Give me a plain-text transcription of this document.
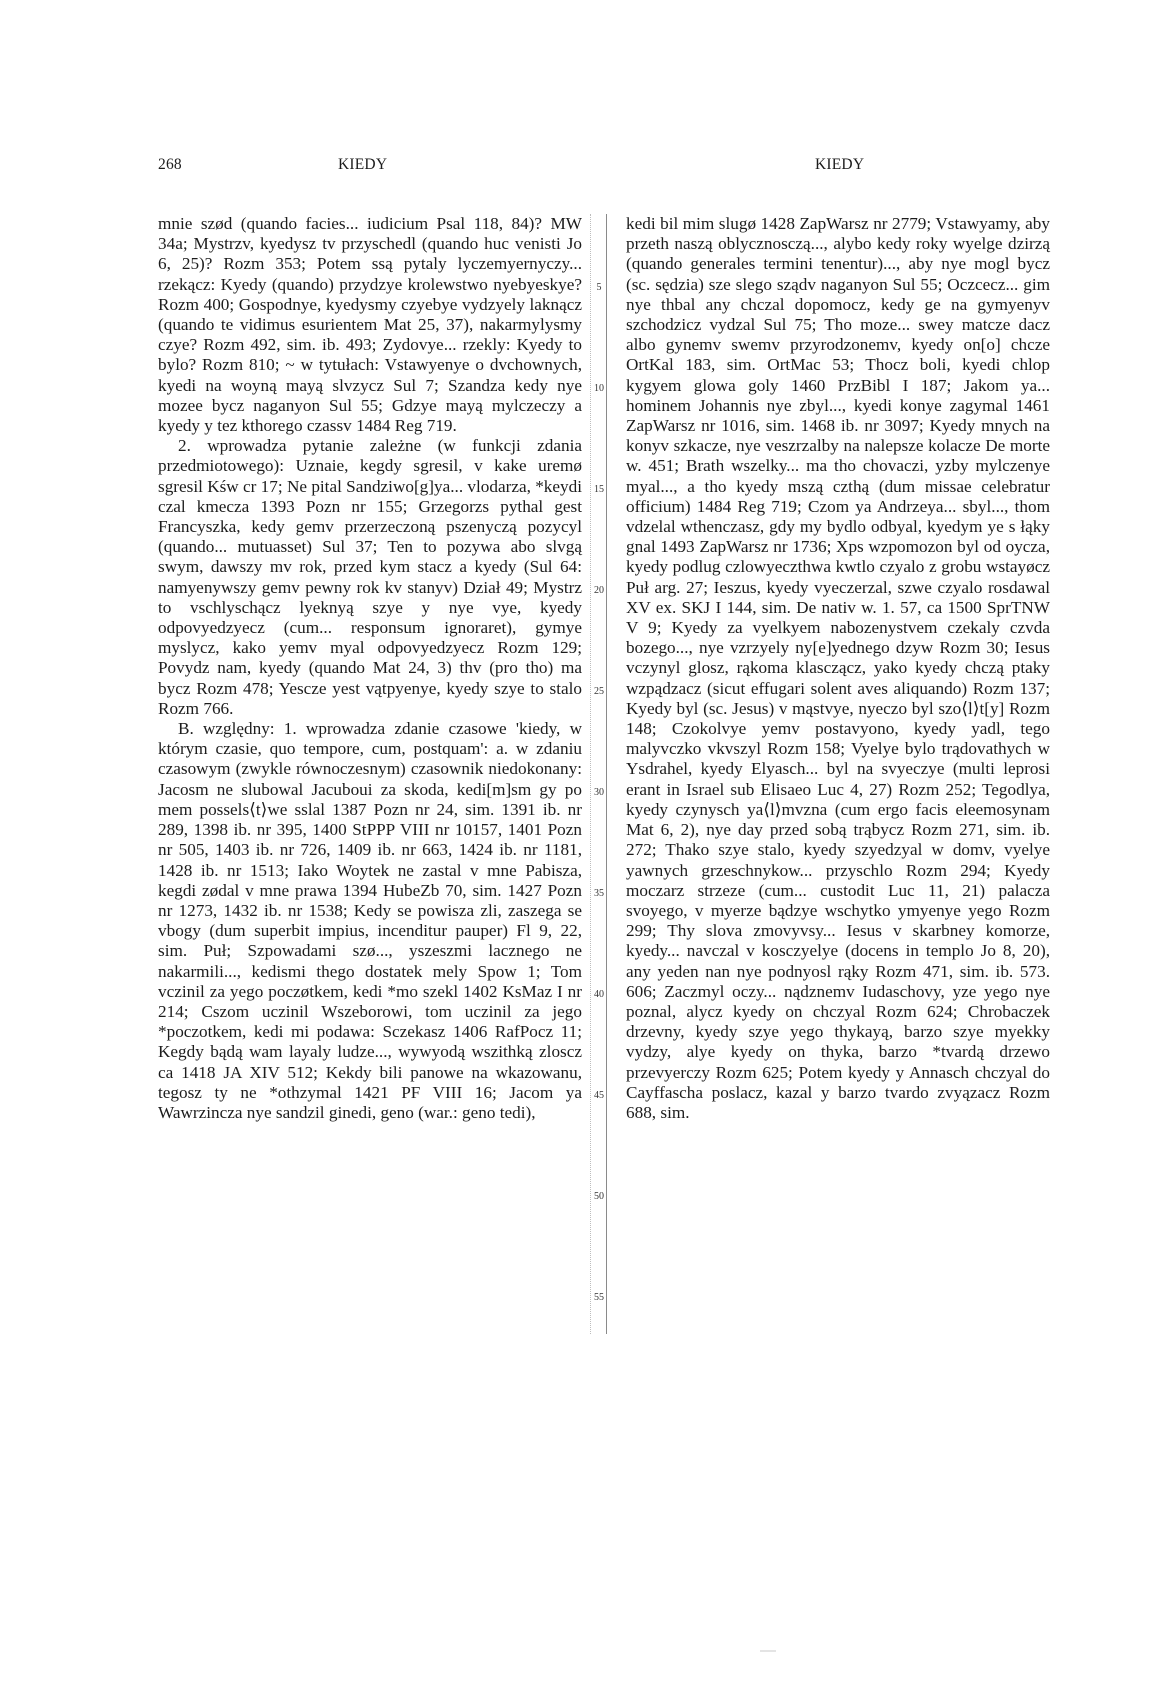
268	KIEDY	KIEDY

mnie szød (quando facies... iudicium Psal 118, 84)? MW 34a; Mystrzv, kyedysz tv przyschedl (quando huc venisti Jo 6, 25)? Rozm 353; Potem ssą pytaly lyczemyernyczy... rzekącz: Kyedy (quando) przydzye krolewstwo nyebyeskye? Rozm 400; Gospodnye, kyedysmy czyebye vydzyely laknącz (quando te vidimus esurientem Mat 25, 37), nakarmylysmy czye? Rozm 492, sim. ib. 493; Zydovye... rzekly: Kyedy to bylo? Rozm 810; ~ w tytułach: Vstawyenye o dvchownych, kyedi na woyną mayą slvzycz Sul 7; Szandza kedy nye mozee bycz naganyon Sul 55; Gdzye mayą mylczeczy a kyedy y tez kthorego czassv 1484 Reg 719.

2. wprowadza pytanie zależne (w funkcji zdania przedmiotowego): Uznaie, kegdy sgresil, v kake uremø sgresil Kśw cr 17; Ne pital Sandziwo[g]ya... vlodarza, *keydi czal kmecza 1393 Pozn nr 155; Grzegorzs pythal gest Francyszka, kedy gemv przerzeczoną pszenyczą pozycyl (quando... mutuasset) Sul 37; Ten to pozywa abo slvgą swym, dawszy mv rok, przed kym stacz a kyedy (Sul 64: namyenywszy gemv pewny rok kv stanyv) Dział 49; Mystrz to vschlyschącz lyeknyą szye y nye vye, kyedy odpovyedzyecz (cum... responsum ignoraret), gymye myslycz, kako yemv myal odpovyedzyecz Rozm 129; Povydz nam, kyedy (quando Mat 24, 3) thv (pro tho) ma bycz Rozm 478; Yescze yest vątpyenye, kyedy szye to stalo Rozm 766.

B. względny: 1. wprowadza zdanie czasowe 'kiedy, w którym czasie, quo tempore, cum, postquam': a. w zdaniu czasowym (zwykle równoczesnym) czasownik niedokonany: Jacosm ne slubowal Jacuboui za skoda, kedi[m]sm gy po mem possels⟨t⟩we sslal 1387 Pozn nr 24, sim. 1391 ib. nr 289, 1398 ib. nr 395, 1400 StPPP VIII nr 10157, 1401 Pozn nr 505, 1403 ib. nr 726, 1409 ib. nr 663, 1424 ib. nr 1181, 1428 ib. nr 1513; Iako Woytek ne zastal v mne Pabisza, kegdi zødal v mne prawa 1394 HubeZb 70, sim. 1427 Pozn nr 1273, 1432 ib. nr 1538; Kedy se powisza zli, zaszega se vbogy (dum superbit impius, incenditur pauper) Fl 9, 22, sim. Puł; Szpowadami szø..., yszeszmi lacznego ne nakarmili..., kedismi thego dostatek mely Spow 1; Tom vczinil za yego poczøtkem, kedi *mo szekl 1402 KsMaz I nr 214; Cszom uczinil Wszeborowi, tom uczinil za jego *poczotkem, kedi mi podawa: Sczekasz 1406 RafPocz 11; Kegdy bądą wam layaly ludze..., wywyodą wszithką zloscz ca 1418 JA XIV 512; Kekdy bili panowe na wkazowanu, tegosz ty ne *othzymal 1421 PF VIII 16; Jacom ya Wawrzincza nye sandzil ginedi, geno (war.: geno tedi),

5
10
15
20
25
30
35
40
45
50
55

kedi bil mim slugø 1428 ZapWarsz nr 2779; Vstawyamy, aby przeth naszą oblycznosczą..., alybo kedy roky wyelge dzirzą (quando generales termini tenentur)..., aby nye mogl bycz (sc. sędzia) sze slego sządv naganyon Sul 55; Oczcecz... gim nye thbal any chczal dopomocz, kedy ge na gymyenyv szchodzicz vydzal Sul 75; Tho moze... swey matcze dacz albo gynemv swemv przyrodzonemv, kyedy on[o] chcze OrtKal 183, sim. OrtMac 53; Thocz boli, kyedi chlop kygyem glowa goly 1460 PrzBibl I 187; Jakom ya... hominem Johannis nye zbyl..., kyedi konye zagymal 1461 ZapWarsz nr 1016, sim. 1468 ib. nr 3097; Kyedy mnych na konyv szkacze, nye veszrzalby na nalepsze kolacze De morte w. 451; Brath wszelky... ma tho chovaczi, yzby mylczenye myal..., a tho kyedy mszą czthą (dum missae celebratur officium) 1484 Reg 719; Czom ya Andrzeya... sbyl..., thom vdzelal wthenczasz, gdy my bydlo odbyal, kyedym ye s łąky gnal 1493 ZapWarsz nr 1736; Xps wzpomozon byl od oycza, kyedy podlug czlowyeczthwa kwtlo czyalo z grobu wstayøcz Puł arg. 27; Ieszus, kyedy vyeczerzal, szwe czyalo rosdawal XV ex. SKJ I 144, sim. De nativ w. 1. 57, ca 1500 SprTNW V 9; Kyedy za vyelkyem nabozenystvem czekaly czvda bozego..., nye vzrzyely ny[e]yednego dzyw Rozm 30; Iesus vczynyl glosz, rąkoma klasczącz, yako kyedy chczą ptaky wzpądzacz (sicut effugari solent aves aliquando) Rozm 137; Kyedy byl (sc. Jesus) v mąstvye, nyeczo byl szo⟨l⟩t[y] Rozm 148; Czokolvye yemv postavyono, kyedy yadl, tego malyvczko vkvszyl Rozm 158; Vyelye bylo trądovathych w Ysdrahel, kyedy Elyasch... byl na svyeczye (multi leprosi erant in Israel sub Elisaeo Luc 4, 27) Rozm 252; Tegodlya, kyedy czynysch ya⟨l⟩mvzna (cum ergo facis eleemosynam Mat 6, 2), nye day przed sobą trąbycz Rozm 271, sim. ib. 272; Thako szye stalo, kyedy szyedzyal w domv, vyelye yawnych grzeschnykow... przyschlo Rozm 294; Kyedy moczarz strzeze (cum... custodit Luc 11, 21) palacza svoyego, v myerze bądzye wschytko ymyenye yego Rozm 299; Thy slova zmovyvsy... Iesus v skarbney komorze, kyedy... navczal v kosczyelye (docens in templo Jo 8, 20), any yeden nan nye podnyosl rąky Rozm 471, sim. ib. 573. 606; Zaczmyl oczy... nądznemv Iudaschovy, yze yego nye poznal, alycz kyedy on chczyal Rozm 624; Chrobaczek drzevny, kyedy szye yego thykayą, barzo szye myekky vydzy, alye kyedy on thyka, barzo *tvardą drzewo przevyerczy Rozm 625; Potem kyedy y Annasch chczyal do Cayffascha poslacz, kazal y barzo tvardo zvyązacz Rozm 688, sim.
